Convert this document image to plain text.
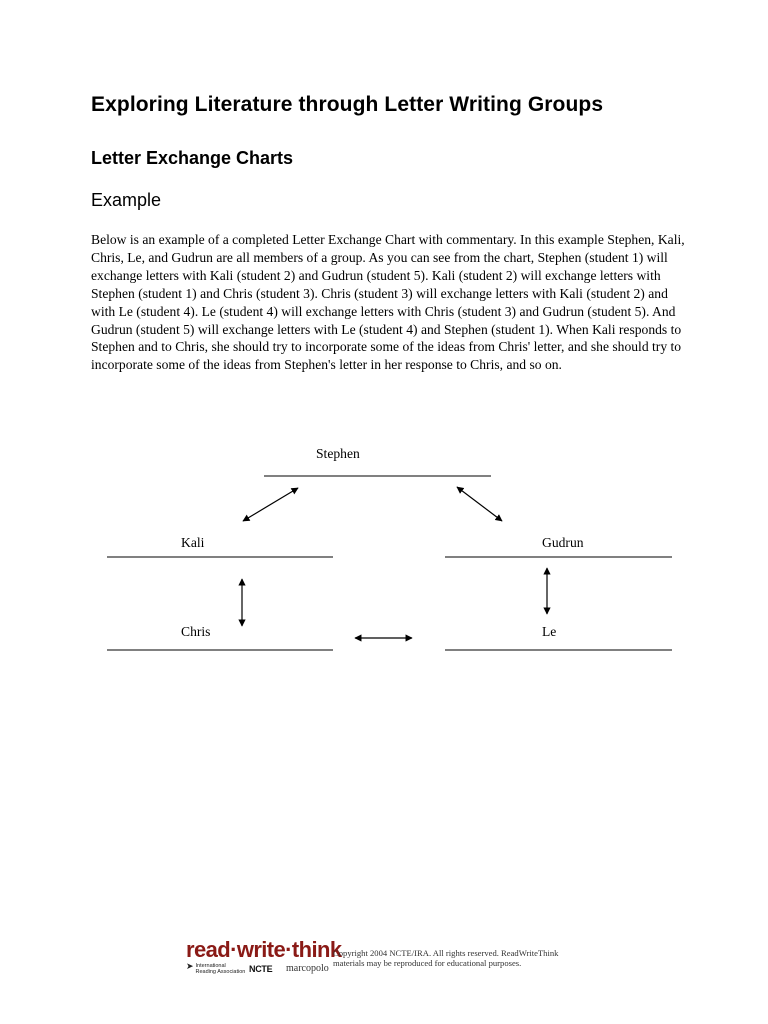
Exploring Literature through Letter Writing Groups
Letter Exchange Charts
Example

Below is an example of a completed Letter Exchange Chart with commentary. In this example Stephen, Kali, Chris, Le, and Gudrun are all members of a group. As you can see from the chart, Stephen (student 1) will exchange letters with Kali (student 2) and Gudrun (student 5). Kali (student 2) will exchange letters with Stephen (student 1) and Chris (student 3). Chris (student 3) will exchange letters with Kali (student 2) and with Le (student 4). Le (student 4) will exchange letters with Chris (student 3) and Gudrun (student 5). And Gudrun (student 5) will exchange letters with Le (student 4) and Stephen (student 1). When Kali responds to Stephen and to Chris, she should try to incorporate some of the ideas from Chris' letter, and she should try to incorporate some of the ideas from Stephen's letter in her response to Chris, and so on.

Stephen
Kali	Gudrun
Chris	Le
read·write·think
➤ International Reading Association NCTE marcopolo
Copyright 2004 NCTE/IRA. All rights reserved. ReadWriteThink
materials may be reproduced for educational purposes.
